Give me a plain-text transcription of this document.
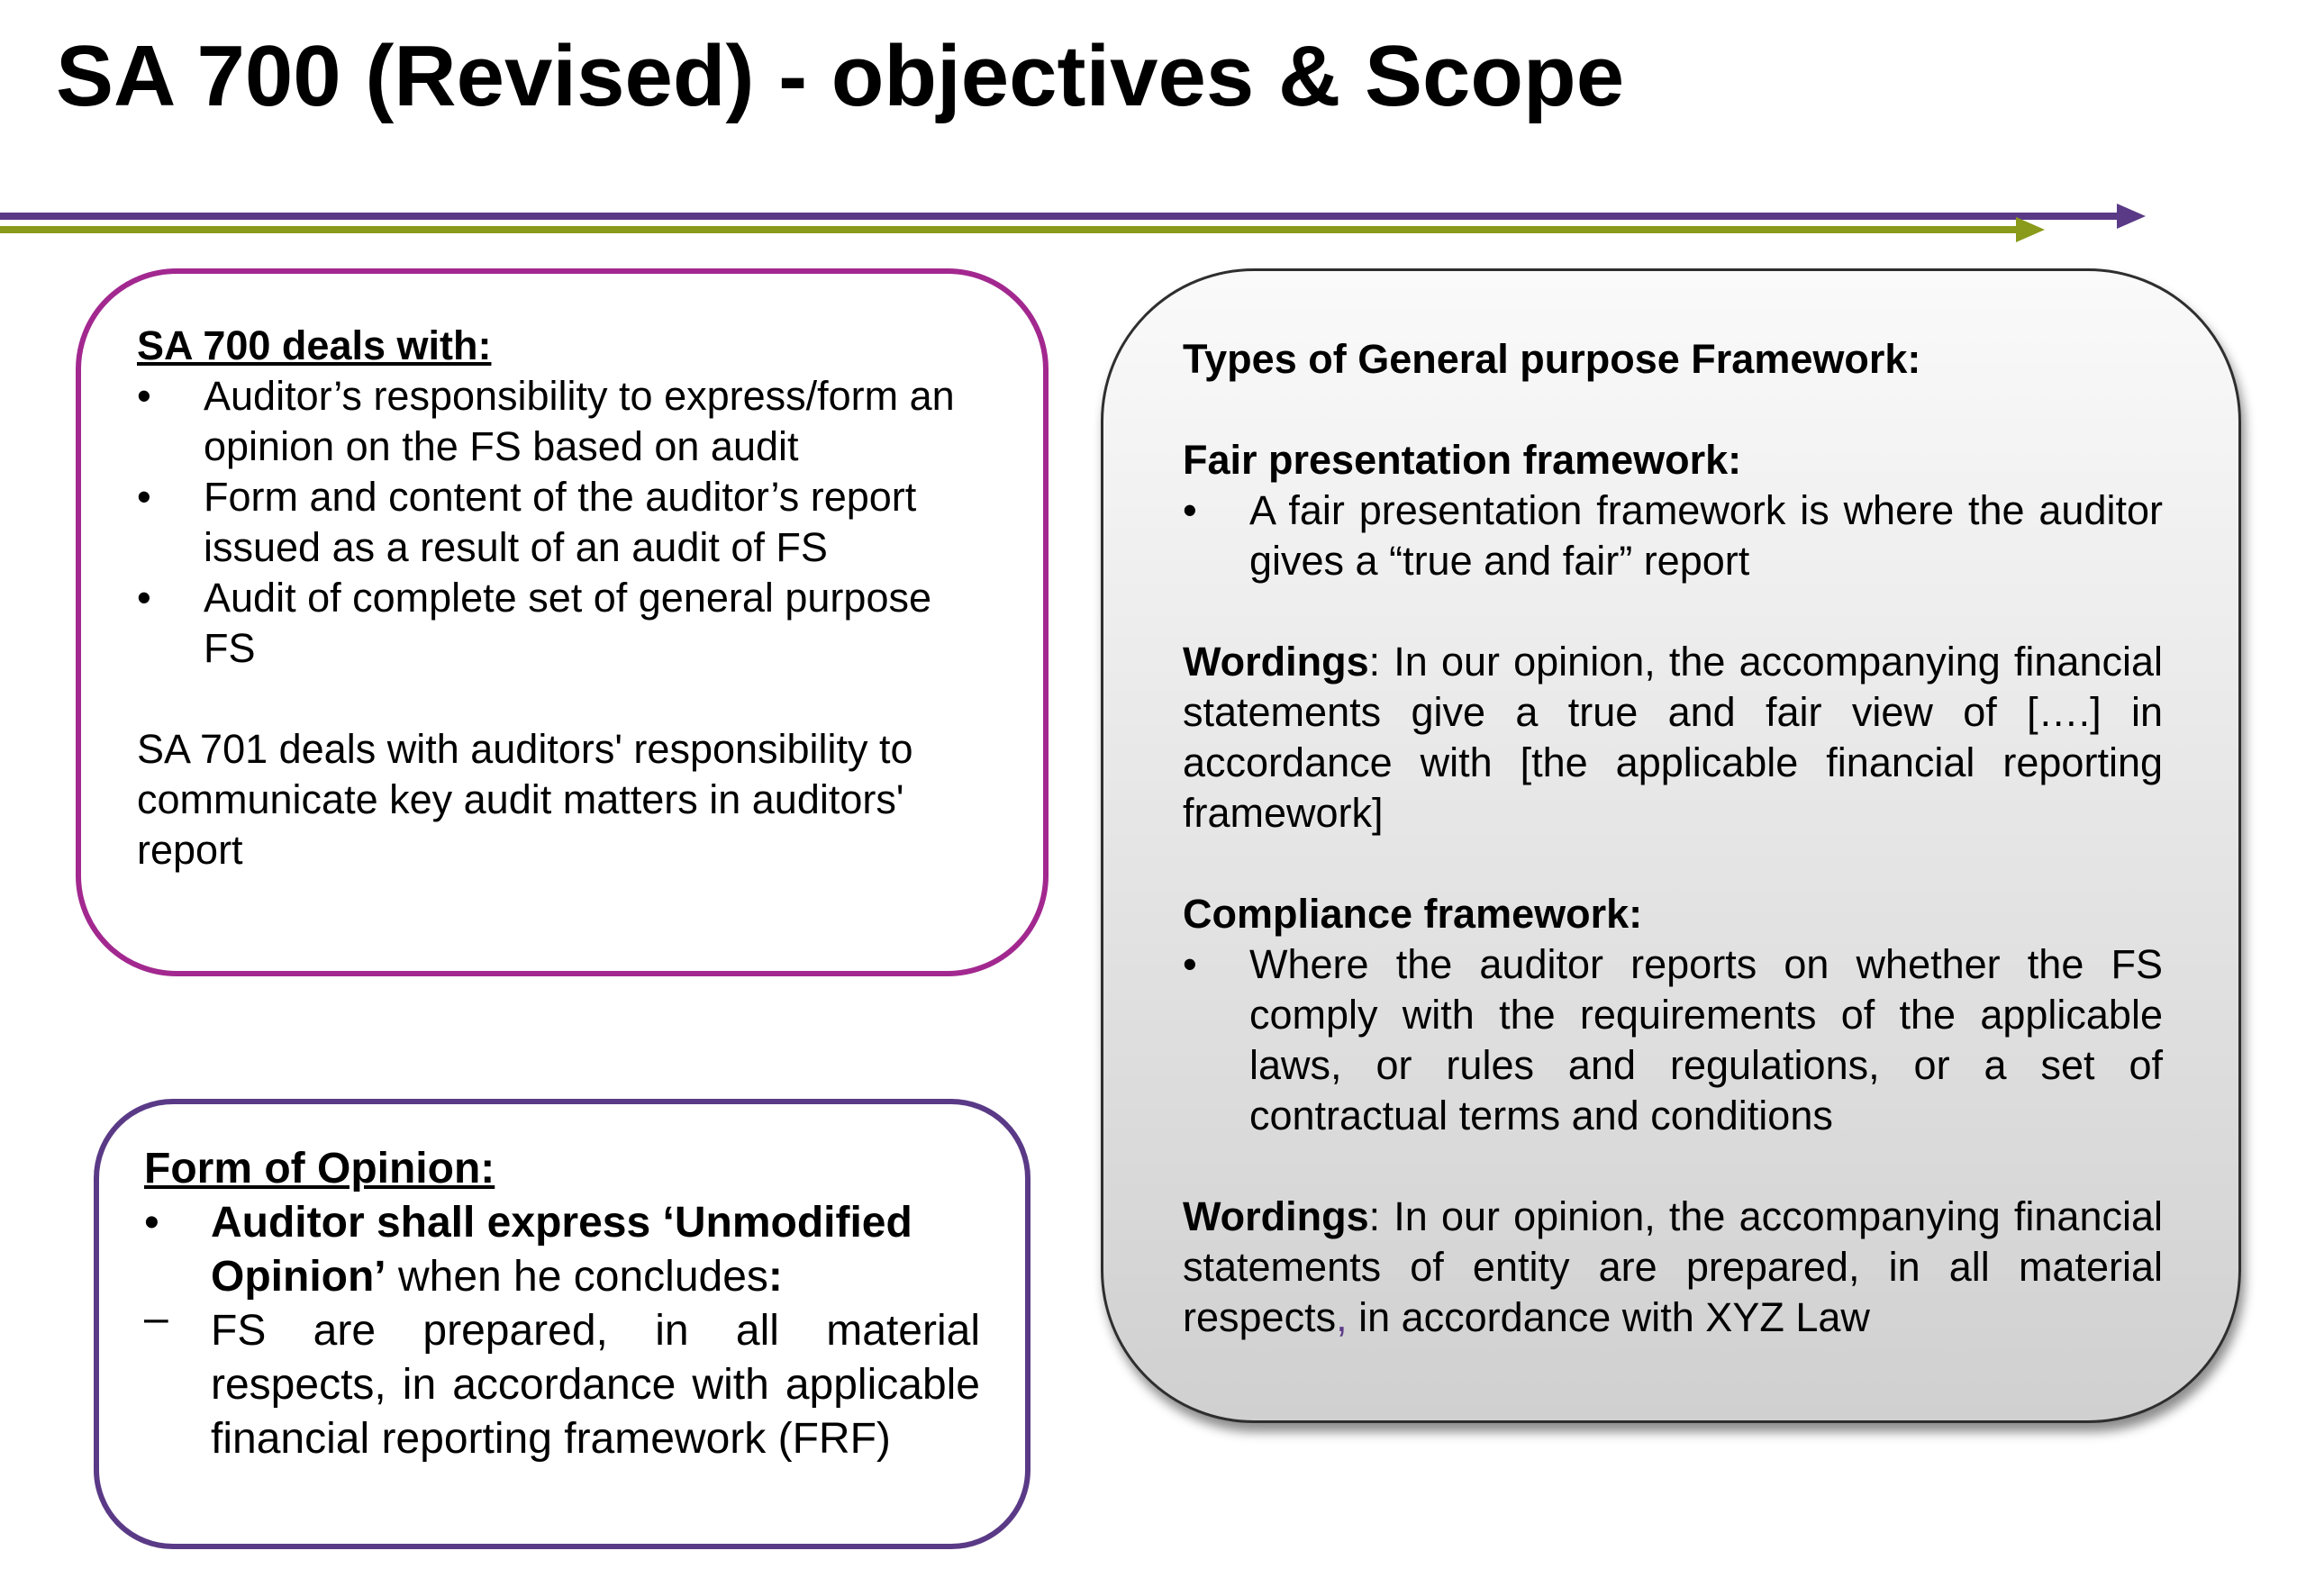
SA 700 (Revised) - objectives & Scope
SA 700 deals with:
•	Auditor’s responsibility to express/form an opinion on the FS based on audit
•	Form and content of the auditor’s report issued as a result of an audit of FS
•	Audit of complete set of general purpose FS
SA 701 deals with auditors' responsibility to communicate key audit matters in auditors' report
Form of Opinion:
•	Auditor shall express ‘Unmodified Opinion’ when he concludes:
– FS are prepared, in all material respects, in accordance with applicable financial reporting framework (FRF)
Types of General purpose Framework:
Fair presentation framework:
•	A fair presentation framework is where the auditor gives a “true and fair” report
Wordings: In our opinion, the accompanying financial statements give a true and fair view of [….] in accordance with [the applicable financial reporting framework]
Compliance framework:
•	Where the auditor reports on whether the FS comply with the requirements of the applicable laws, or rules and regulations, or a set of contractual terms and conditions
Wordings: In our opinion, the accompanying financial statements of entity are prepared, in all material respects, in accordance with XYZ Law
